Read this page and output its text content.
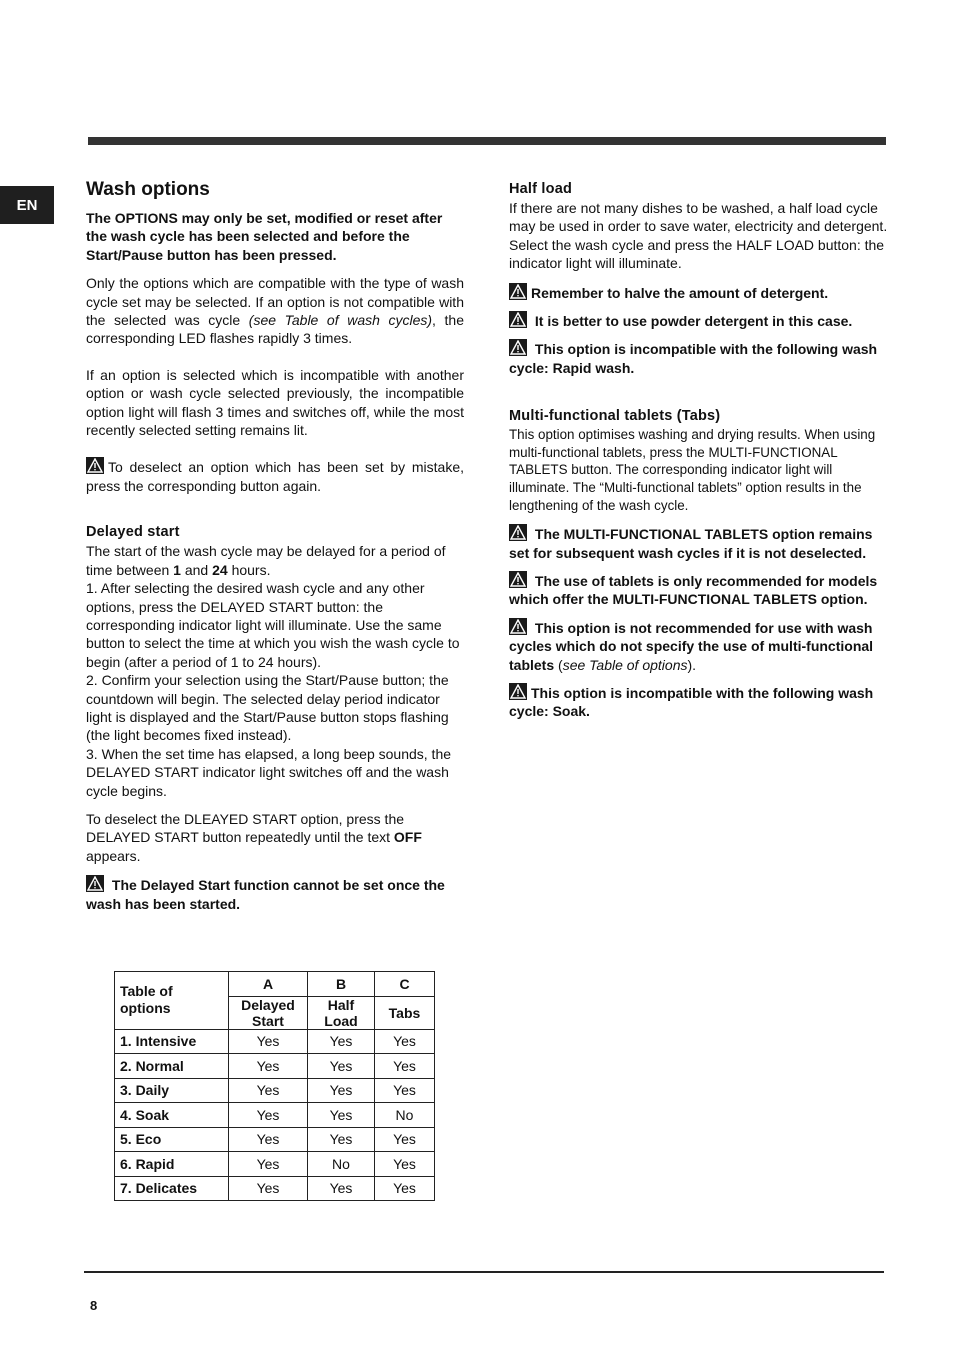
EN
Wash options

The OPTIONS may only be set, modified or reset after the wash cycle has been selected and before the Start/Pause button has been pressed.

Only the options which are compatible with the type of wash cycle set may be selected. If an option is not compatible with the selected was cycle (see Table of wash cycles), the corresponding LED flashes rapidly 3 times.

If an option is selected which is incompatible with another option or wash cycle selected previously, the incompatible option light will flash 3 times and switches off, while the most recently selected setting remains lit.

To deselect an option which has been set by mistake, press the corresponding button again.

Delayed start

The start of the wash cycle may be delayed for a period of time between 1 and 24 hours.

1. After selecting the desired wash cycle and any other options, press the DELAYED START button: the corresponding indicator light will illuminate. Use the same button to select the time at which you wish the wash cycle to begin (after a period of 1 to 24 hours).

2. Confirm your selection using the Start/Pause button; the countdown will begin. The selected delay period indicator light is displayed and the Start/Pause button stops flashing (the light becomes fixed instead).

3. When the set time has elapsed, a long beep sounds, the DELAYED START indicator light switches off and the wash cycle begins.

To deselect the DLEAYED START option, press the DELAYED START button repeatedly until the text OFF appears.

The Delayed Start function cannot be set once the wash has been started.

Half load

If there are not many dishes to be washed, a half load cycle may be used in order to save water, electricity and detergent. Select the wash cycle and press the HALF LOAD button: the indicator light will illuminate.

Remember to halve the amount of detergent.

It is better to use powder detergent in this case.

This option is incompatible with the following wash cycle: Rapid wash.

Multi-functional tablets (Tabs)

This option optimises washing and drying results. When using multi-functional tablets, press the MULTI-FUNCTIONAL TABLETS button. The corresponding indicator light will illuminate. The “Multi-functional tablets” option results in the lengthening of the wash cycle.

The MULTI-FUNCTIONAL TABLETS option remains set for subsequent wash cycles if it is not deselected.

The use of tablets is only recommended for models which offer the MULTI-FUNCTIONAL TABLETS option.

This option is not recommended for use with wash cycles which do not specify the use of multi-functional tablets (see Table of options).

This option is incompatible with the following wash cycle: Soak.

Table of options	A	B	C
	Delayed Start	Half Load	Tabs
1. Intensive	Yes	Yes	Yes
2. Normal	Yes	Yes	Yes
3. Daily	Yes	Yes	Yes
4. Soak	Yes	Yes	No
5. Eco	Yes	Yes	Yes
6. Rapid	Yes	No	Yes
7. Delicates	Yes	Yes	Yes
8
